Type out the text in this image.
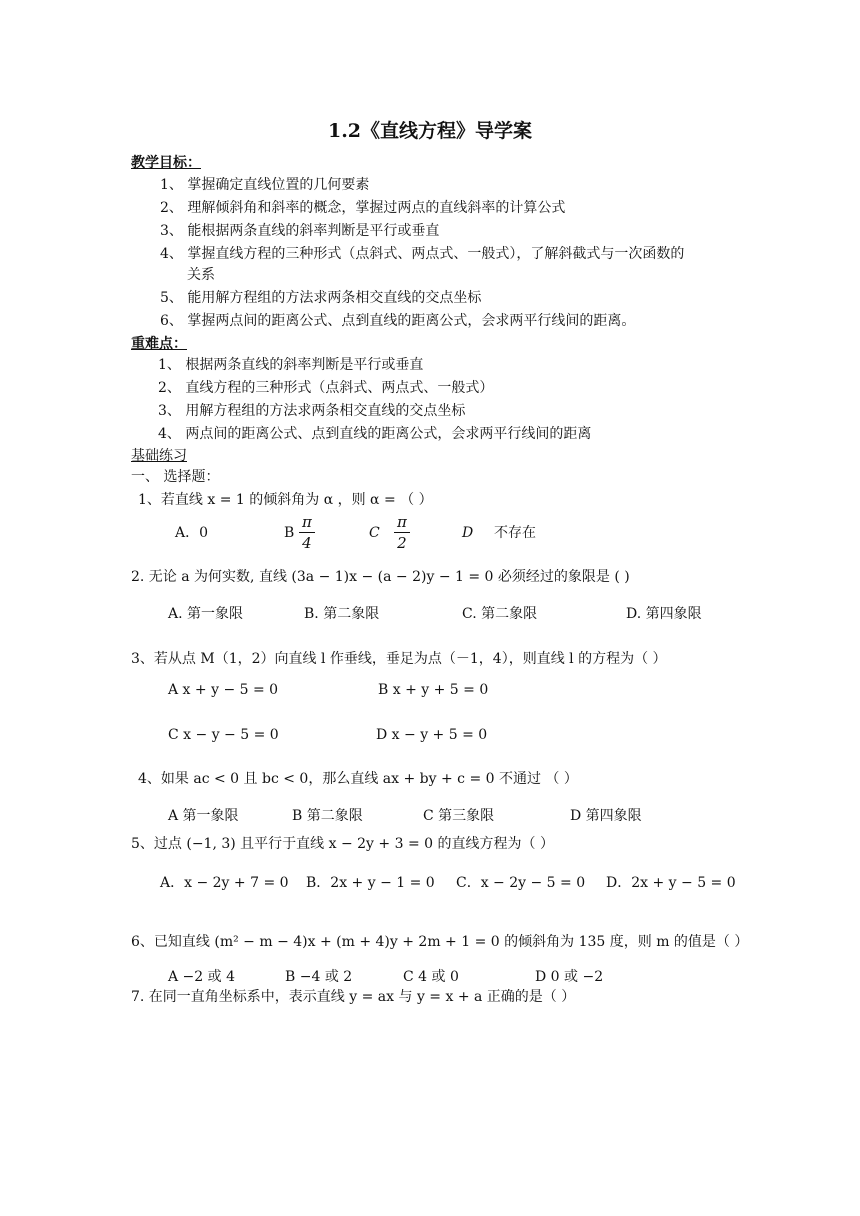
1.2《直线方程》导学案
教学目标：
1、 掌握确定直线位置的几何要素
2、 理解倾斜角和斜率的概念，掌握过两点的直线斜率的计算公式
3、 能根据两条直线的斜率判断是平行或垂直
4、 掌握直线方程的三种形式（点斜式、两点式、一般式），了解斜截式与一次函数的
关系
5、 能用解方程组的方法求两条相交直线的交点坐标
6、 掌握两点间的距离公式、点到直线的距离公式，会求两平行线间的距离。
重难点：
1、 根据两条直线的斜率判断是平行或垂直
2、 直线方程的三种形式（点斜式、两点式、一般式）
3、 用解方程组的方法求两条相交直线的交点坐标
4、 两点间的距离公式、点到直线的距离公式，会求两平行线间的距离
基础练习
一、 选择题：
1、若直线 x = 1 的倾斜角为 α ，则 α = （ ）
A．0	B $\frac{\pi}{4}$	C $\frac{\pi}{2}$	D 不存在
2. 无论 a 为何实数, 直线 (3a − 1)x − (a − 2)y − 1 = 0 必须经过的象限是 ( )
A. 第一象限	B. 第二象限	C. 第二象限	D. 第四象限
3、若从点 M（1，2）向直线 l 作垂线，垂足为点（－1，4），则直线 l 的方程为（ ）
A x + y − 5 = 0	B x + y + 5 = 0
C x − y − 5 = 0	D x − y + 5 = 0
4、如果 ac < 0 且 bc < 0，那么直线 ax + by + c = 0 不通过 （ ）
A 第一象限	B 第二象限	C 第三象限	D 第四象限
5、过点 (−1, 3) 且平行于直线 x − 2y + 3 = 0 的直线方程为（ ）
A．x − 2y + 7 = 0 B．2x + y − 1 = 0 C．x − 2y − 5 = 0 D．2x + y − 5 = 0
6、已知直线 (m² − m − 4)x + (m + 4)y + 2m + 1 = 0 的倾斜角为 135 度，则 m 的值是（ ）
A −2 或 4	B −4 或 2	C 4 或 0	D 0 或 −2
7. 在同一直角坐标系中，表示直线 y = ax 与 y = x + a 正确的是（ ）
